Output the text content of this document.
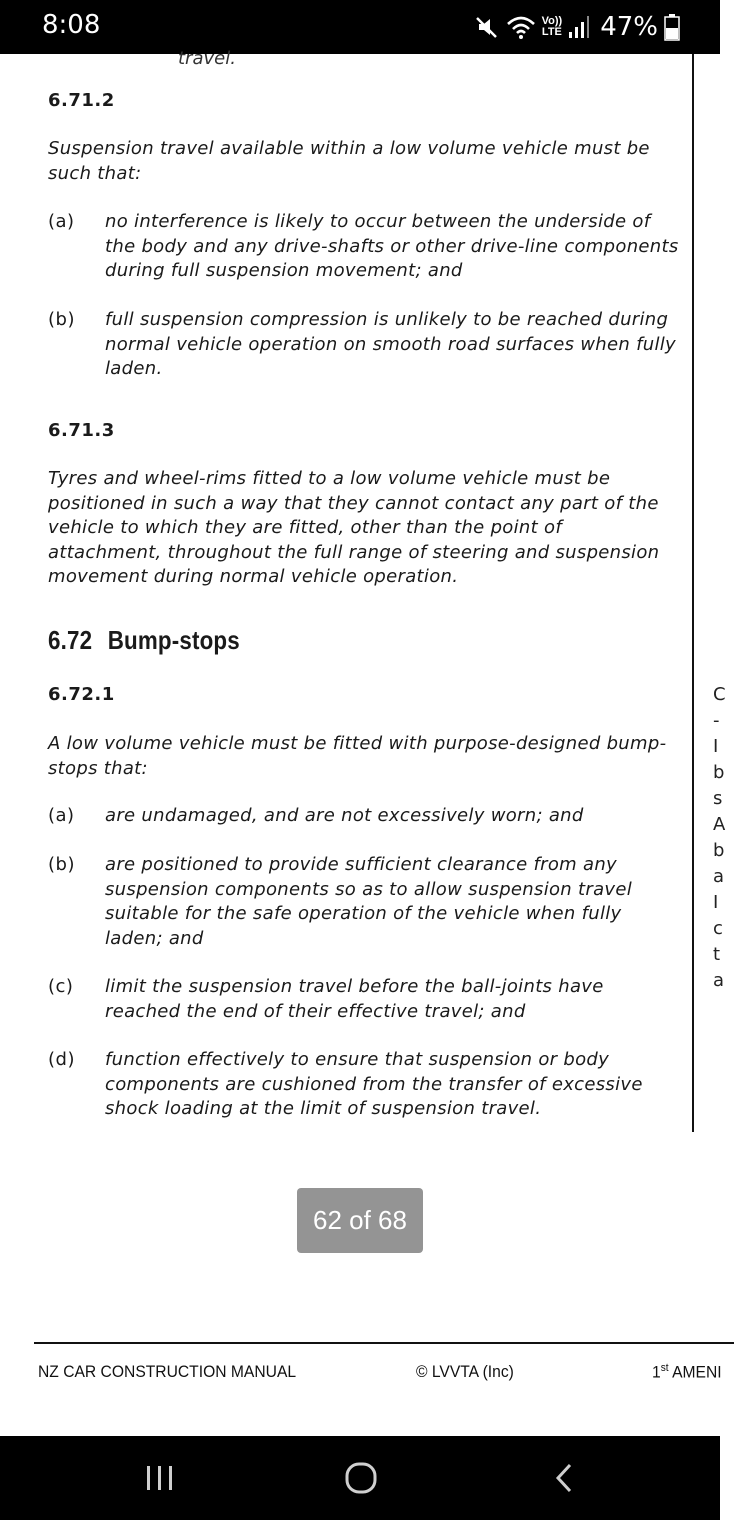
8:08	Vo))
LTE 47%
travel.
6.71.2

Suspension travel available within a low volume vehicle must be such that:

(a) no interference is likely to occur between the underside of the body and any drive-shafts or other drive-line components during full suspension movement; and
(b) full suspension compression is unlikely to be reached during normal vehicle operation on smooth road surfaces when fully laden.
6.71.3

Tyres and wheel-rims fitted to a low volume vehicle must be positioned in such a way that they cannot contact any part of the vehicle to which they are fitted, other than the point of attachment, throughout the full range of steering and suspension movement during normal vehicle operation.

6.72 Bump-stops
6.72.1

A low volume vehicle must be fitted with purpose-designed bump-stops that:

(a) are undamaged, and are not excessively worn; and
(b) are positioned to provide sufficient clearance from any suspension components so as to allow suspension travel suitable for the safe operation of the vehicle when fully laden; and
(c) limit the suspension travel before the ball-joints have reached the end of their effective travel; and
(d) function effectively to ensure that suspension or body components are cushioned from the transfer of excessive shock loading at the limit of suspension travel.
C
-
I
b
s
A
b
a
I
c
t
a
62 of 68
NZ CAR CONSTRUCTION MANUAL	© LVVTA (Inc)	1st AMENI
